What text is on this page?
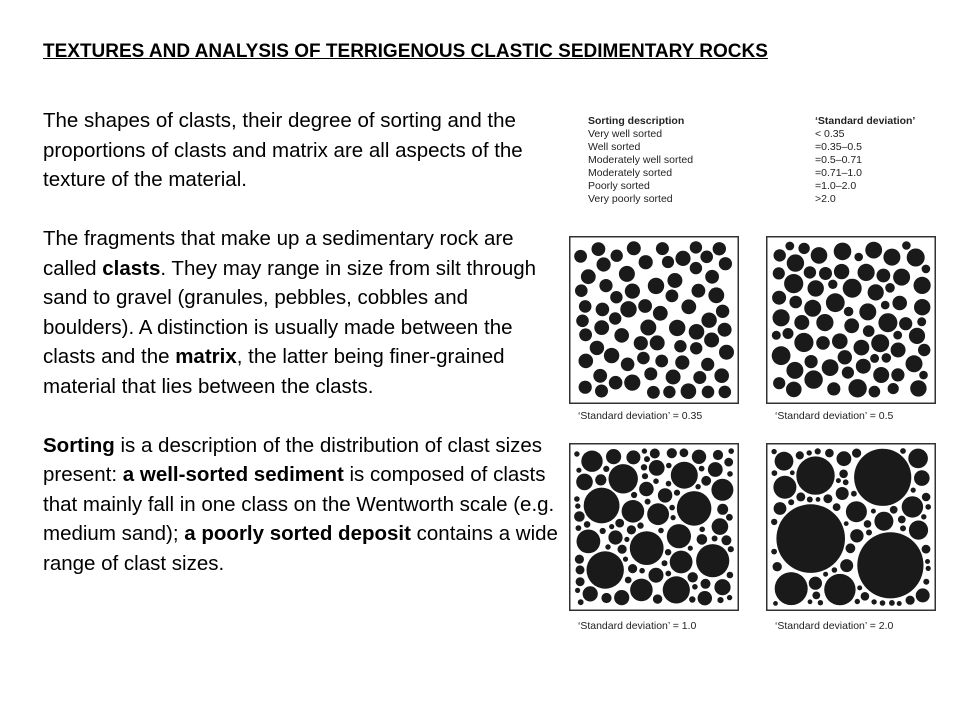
TEXTURES AND ANALYSIS OF TERRIGENOUS CLASTIC SEDIMENTARY ROCKS

The shapes of clasts, their degree of sorting and the proportions of clasts and matrix are all aspects of the texture of the material.

The fragments that make up a sedimentary rock are called clasts. They may range in size from silt through sand to gravel (granules, pebbles, cobbles and boulders). A distinction is usually made between the clasts and the matrix, the latter being finer-grained material that lies between the clasts.

Sorting is a description of the distribution of clast sizes present: a well-sorted sediment is composed of clasts that mainly fall in one class on the Wentworth scale (e.g. medium sand); a poorly sorted deposit contains a wide range of clast sizes.

Sorting description	‘Standard deviation’
Very well sorted	< 0.35
Well sorted	=0.35–0.5
Moderately well sorted	=0.5–0.71
Moderately sorted	=0.71–1.0
Poorly sorted	=1.0–2.0
Very poorly sorted	>2.0
‘Standard deviation’ = 0.35	‘Standard deviation’ = 0.5
‘Standard deviation’ = 1.0	‘Standard deviation’ = 2.0
